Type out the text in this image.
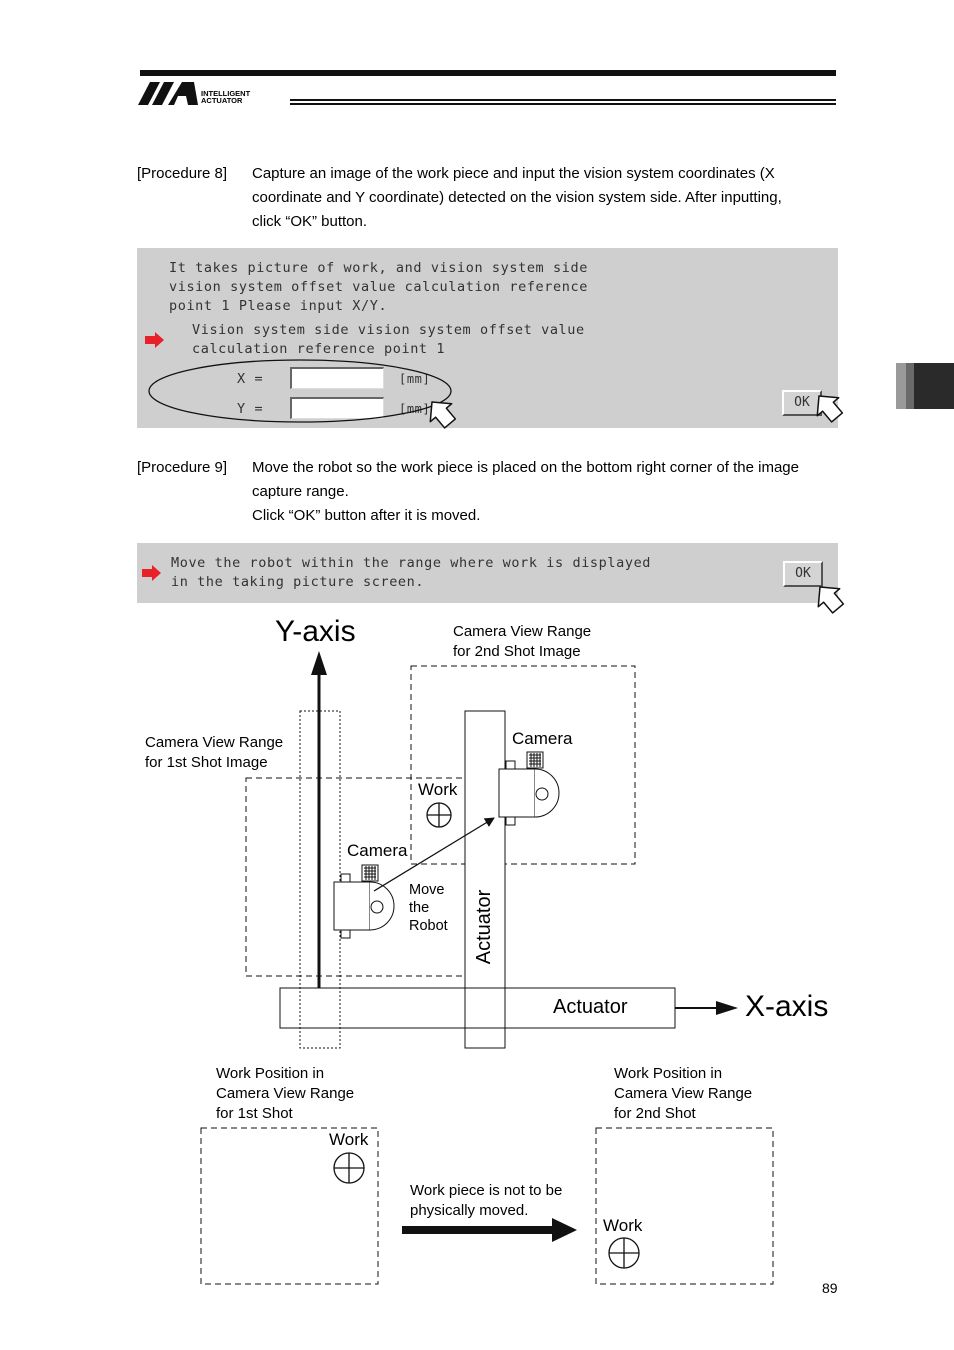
INTELLIGENT
ACTUATOR
[Procedure 8] Capture an image of the work piece and input the vision system coordinates (X
coordinate and Y coordinate) detected on the vision system side. After inputting,
click “OK” button.
It takes picture of work, and vision system side
vision system offset value calculation reference
point 1 Please input X/Y.
Vision system side vision system offset value
calculation reference point 1
X =	[mm]
Y =	[mm]	OK
[Procedure 9] Move the robot so the work piece is placed on the bottom right corner of the image
capture range.
Click “OK” button after it is moved.
Move the robot within the range where work is displayed
in the taking picture screen.
OK
Y-axis
X-axis
Camera View Range
for 2nd Shot Image
Camera View Range
for 1st Shot Image
Camera
Camera
Work
Move
the
Robot Actuator
Actuator
Work Position in
Camera View Range
for 1st Shot
Work Position in
Camera View Range
for 2nd Shot
Work
Work
Work piece is not to be
physically moved.
89
